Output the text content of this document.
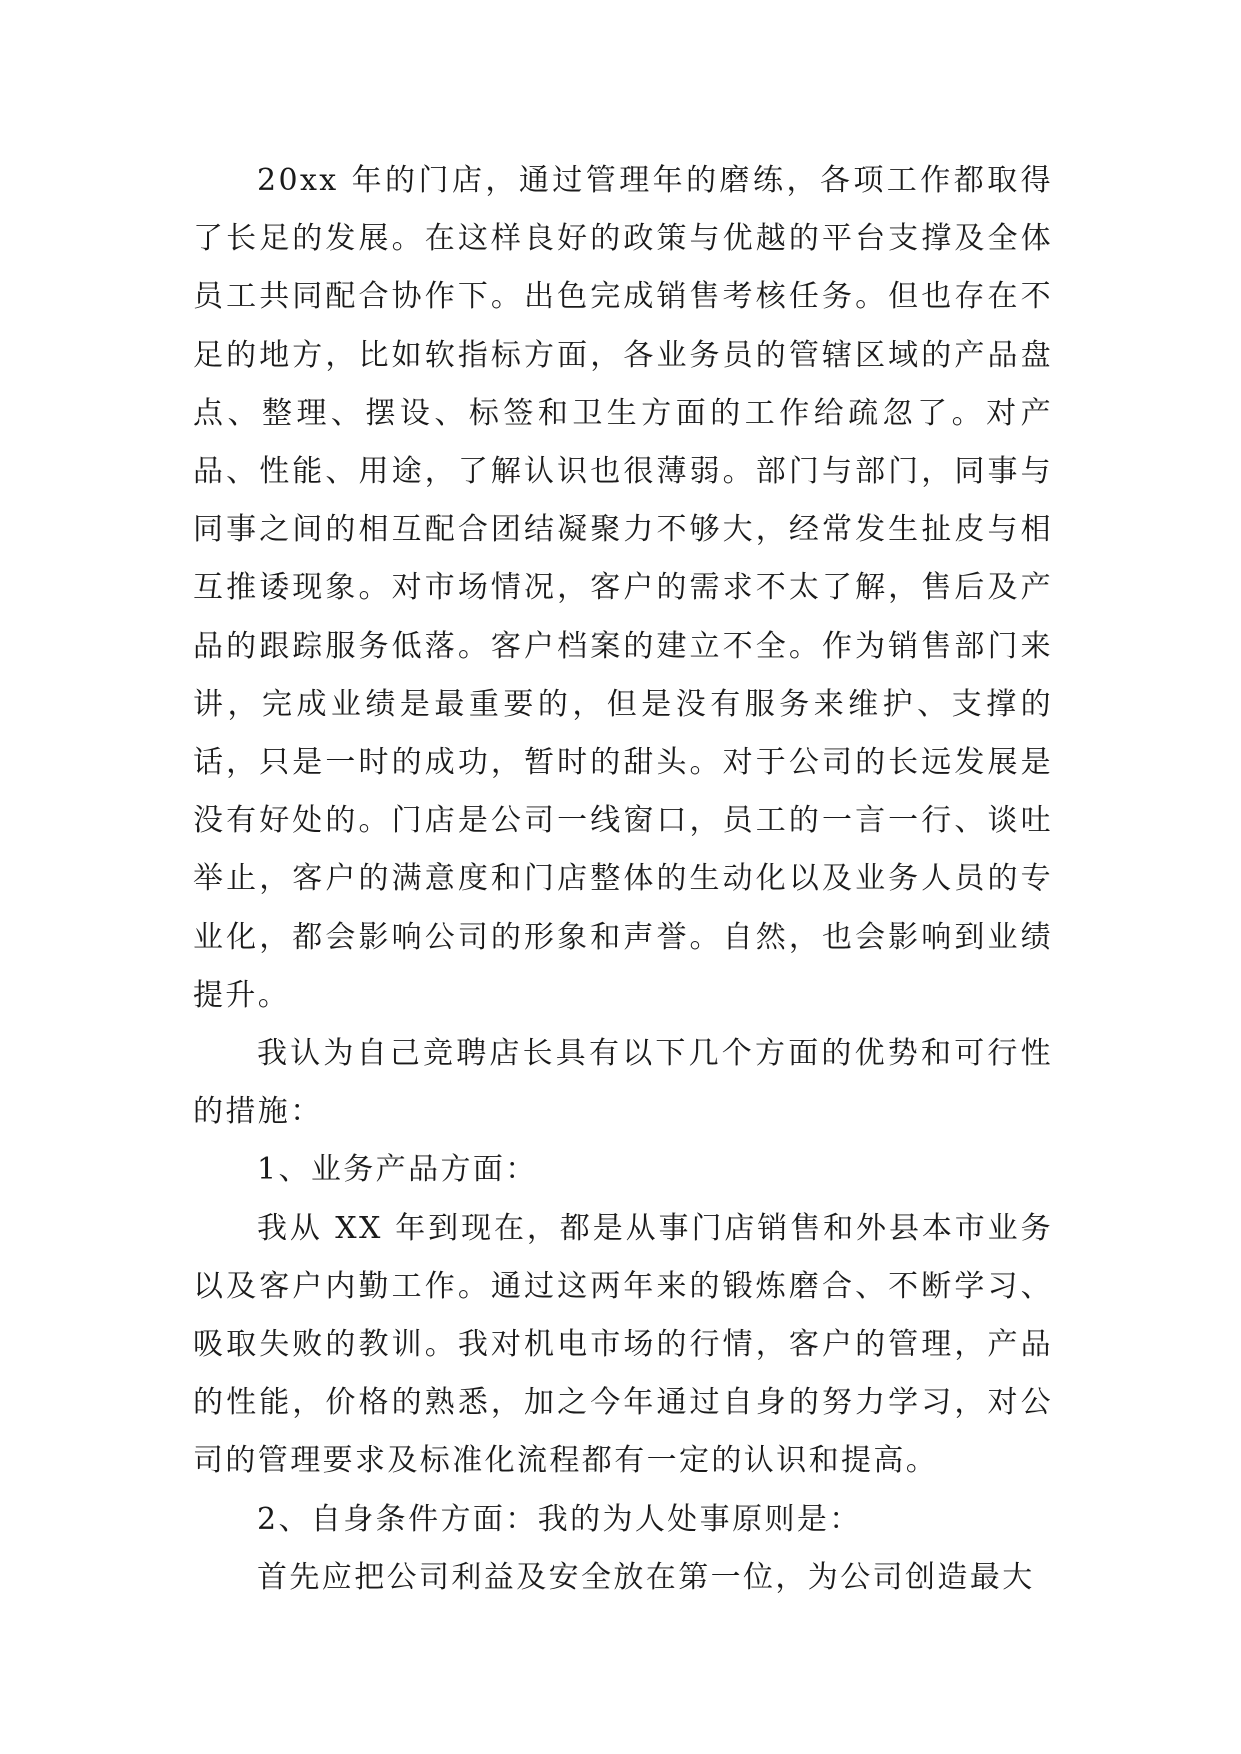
20xx 年的门店，通过管理年的磨练，各项工作都取得了长足的发展。在这样良好的政策与优越的平台支撑及全体员工共同配合协作下。出色完成销售考核任务。但也存在不足的地方，比如软指标方面，各业务员的管辖区域的产品盘点、整理、摆设、标签和卫生方面的工作给疏忽了。对产品、性能、用途，了解认识也很薄弱。部门与部门，同事与同事之间的相互配合团结凝聚力不够大，经常发生扯皮与相互推诿现象。对市场情况，客户的需求不太了解，售后及产品的跟踪服务低落。客户档案的建立不全。作为销售部门来讲，完成业绩是最重要的，但是没有服务来维护、支撑的话，只是一时的成功，暂时的甜头。对于公司的长远发展是没有好处的。门店是公司一线窗口，员工的一言一行、谈吐举止，客户的满意度和门店整体的生动化以及业务人员的专业化，都会影响公司的形象和声誉。自然，也会影响到业绩提升。

我认为自己竞聘店长具有以下几个方面的优势和可行性的措施：

1、业务产品方面：

我从 XX 年到现在，都是从事门店销售和外县本市业务以及客户内勤工作。通过这两年来的锻炼磨合、不断学习、吸取失败的教训。我对机电市场的行情，客户的管理，产品的性能，价格的熟悉，加之今年通过自身的努力学习，对公司的管理要求及标准化流程都有一定的认识和提高。

2、自身条件方面：我的为人处事原则是：

首先应把公司利益及安全放在第一位，为公司创造最大
